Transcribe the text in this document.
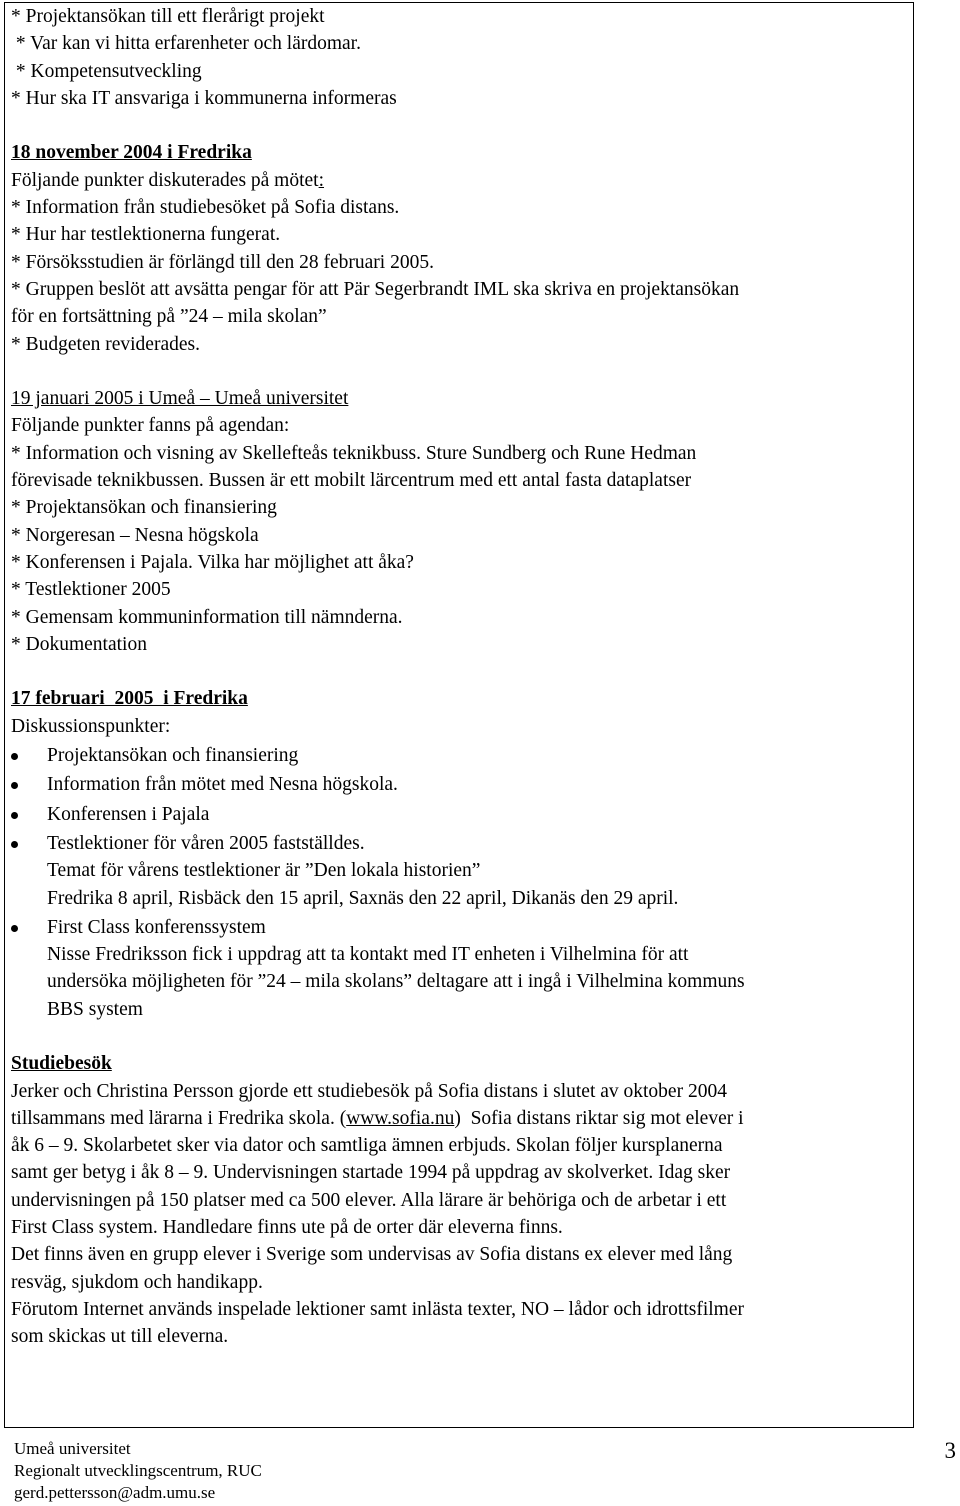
* Projektansökan till ett flerårigt projekt
* Var kan vi hitta erfarenheter och lärdomar.
* Kompetensutveckling
* Hur ska IT ansvariga i kommunerna informeras
18 november 2004 i Fredrika
Följande punkter diskuterades på mötet:
* Information från studiebesöket på Sofia distans.
* Hur har testlektionerna fungerat.
* Försöksstudien är förlängd till den 28 februari 2005.
* Gruppen beslöt att avsätta pengar för att Pär Segerbrandt IML ska skriva en projektansökan
för en fortsättning på ”24 – mila skolan”
* Budgeten reviderades.
19 januari 2005 i Umeå – Umeå universitet
Följande punkter fanns på agendan:
* Information och visning av Skellefteås teknikbuss. Sture Sundberg och Rune Hedman
förevisade teknikbussen. Bussen är ett mobilt lärcentrum med ett antal fasta dataplatser
* Projektansökan och finansiering
* Norgeresan – Nesna högskola
* Konferensen i Pajala. Vilka har möjlighet att åka?
* Testlektioner 2005
* Gemensam kommuninformation till nämnderna.
* Dokumentation
17 februari  2005  i Fredrika
Diskussionspunkter:
Projektansökan och finansiering
Information från mötet med Nesna högskola.
Konferensen i Pajala
Testlektioner för våren 2005 fastställdes.
Temat för vårens testlektioner är ”Den lokala historien”
Fredrika 8 april, Risbäck den 15 april, Saxnäs den 22 april, Dikanäs den 29 april.
First Class konferenssystem
Nisse Fredriksson fick i uppdrag att ta kontakt med IT enheten i Vilhelmina för att
undersöka möjligheten för ”24 – mila skolans” deltagare att i ingå i Vilhelmina kommuns
BBS system
Studiebesök
Jerker och Christina Persson gjorde ett studiebesök på Sofia distans i slutet av oktober 2004
tillsammans med lärarna i Fredrika skola. (www.sofia.nu)  Sofia distans riktar sig mot elever i
åk 6 – 9. Skolarbetet sker via dator och samtliga ämnen erbjuds. Skolan följer kursplanerna
samt ger betyg i åk 8 – 9. Undervisningen startade 1994 på uppdrag av skolverket. Idag sker
undervisningen på 150 platser med ca 500 elever. Alla lärare är behöriga och de arbetar i ett
First Class system. Handledare finns ute på de orter där eleverna finns.
Det finns även en grupp elever i Sverige som undervisas av Sofia distans ex elever med lång
resväg, sjukdom och handikapp.
Förutom Internet används inspelade lektioner samt inlästa texter, NO – lådor och idrottsfilmer
som skickas ut till eleverna.
Umeå universitet
Regionalt utvecklingscentrum, RUC
gerd.pettersson@adm.umu.se
3
